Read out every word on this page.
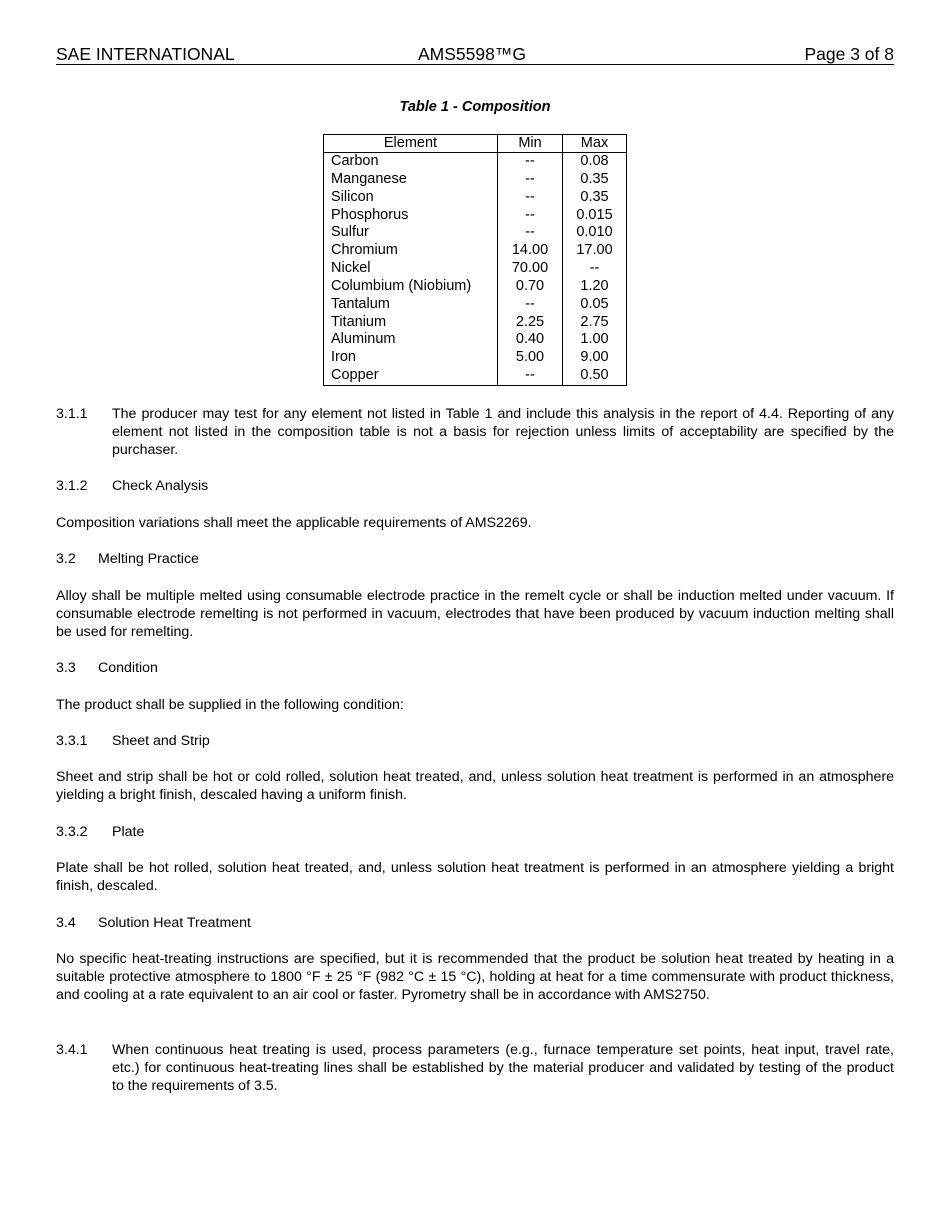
SAE INTERNATIONAL	AMS5598™G	Page 3 of 8
Table 1 - Composition
Element	Min	Max
Carbon	--	0.08
Manganese	--	0.35
Silicon	--	0.35
Phosphorus	--	0.015
Sulfur	--	0.010
Chromium	14.00	17.00
Nickel	70.00	--
Columbium (Niobium)	0.70	1.20
Tantalum	--	0.05
Titanium	2.25	2.75
Aluminum	0.40	1.00
Iron	5.00	9.00
Copper	--	0.50
3.1.1	The producer may test for any element not listed in Table 1 and include this analysis in the report of 4.4. Reporting of any element not listed in the composition table is not a basis for rejection unless limits of acceptability are specified by the purchaser.
3.1.2 Check Analysis
Composition variations shall meet the applicable requirements of AMS2269.
3.2 Melting Practice
Alloy shall be multiple melted using consumable electrode practice in the remelt cycle or shall be induction melted under vacuum. If consumable electrode remelting is not performed in vacuum, electrodes that have been produced by vacuum induction melting shall be used for remelting.
3.3 Condition
The product shall be supplied in the following condition:
3.3.1 Sheet and Strip
Sheet and strip shall be hot or cold rolled, solution heat treated, and, unless solution heat treatment is performed in an atmosphere yielding a bright finish, descaled having a uniform finish.
3.3.2 Plate
Plate shall be hot rolled, solution heat treated, and, unless solution heat treatment is performed in an atmosphere yielding a bright finish, descaled.
3.4 Solution Heat Treatment
No specific heat-treating instructions are specified, but it is recommended that the product be solution heat treated by heating in a suitable protective atmosphere to 1800 °F ± 25 °F (982 °C ± 15 °C), holding at heat for a time commensurate with product thickness, and cooling at a rate equivalent to an air cool or faster. Pyrometry shall be in accordance with AMS2750.
3.4.1	When continuous heat treating is used, process parameters (e.g., furnace temperature set points, heat input, travel rate, etc.) for continuous heat-treating lines shall be established by the material producer and validated by testing of the product to the requirements of 3.5.
